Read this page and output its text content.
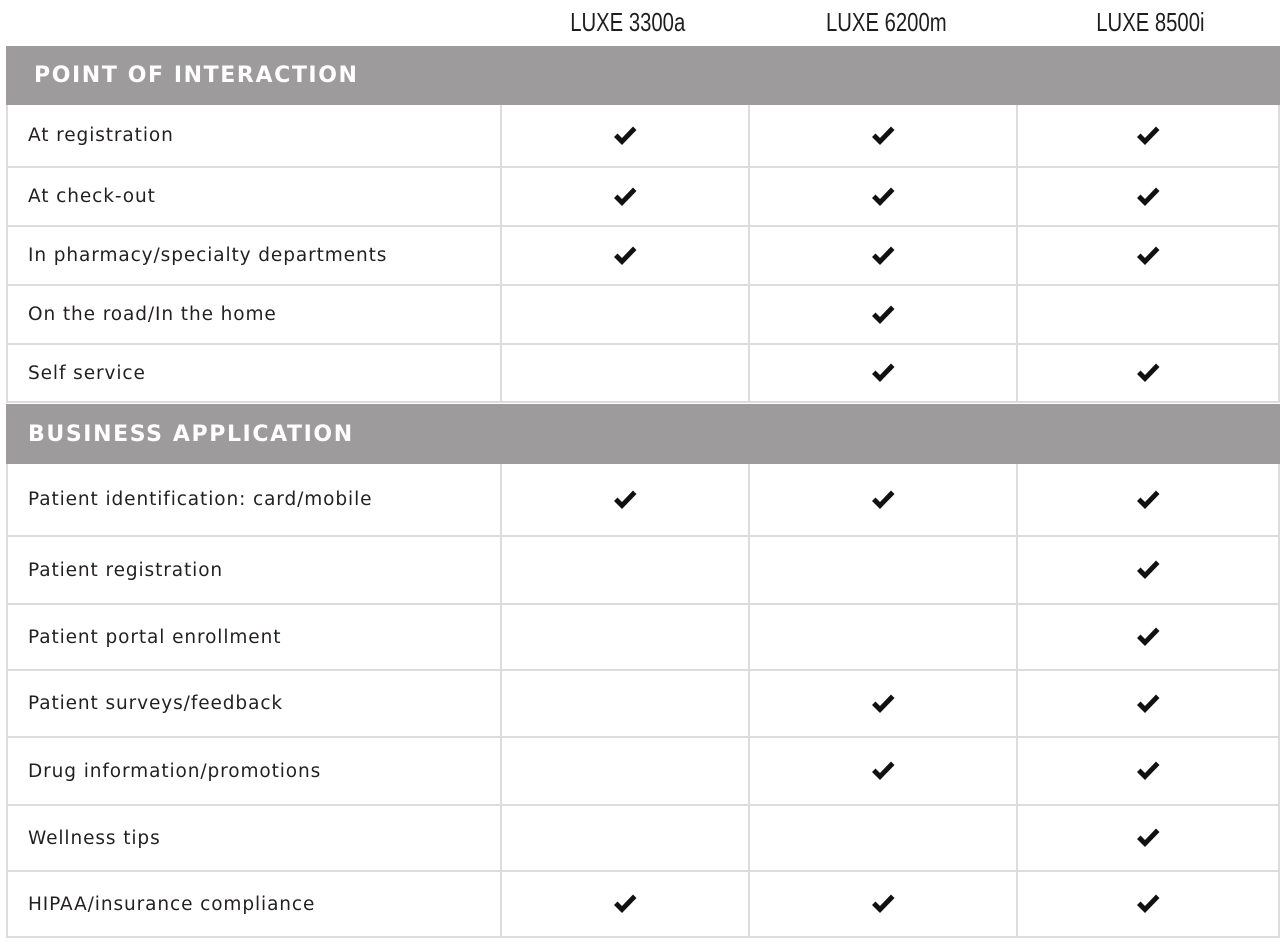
LUXE 3300a	LUXE 6200m	LUXE 8500i
POINT OF INTERACTION
At registration
At check-out
In pharmacy/specialty departments
On the road/In the home
Self service
BUSINESS APPLICATION
Patient identification: card/mobile
Patient registration
Patient portal enrollment
Patient surveys/feedback
Drug information/promotions
Wellness tips
HIPAA/insurance compliance
